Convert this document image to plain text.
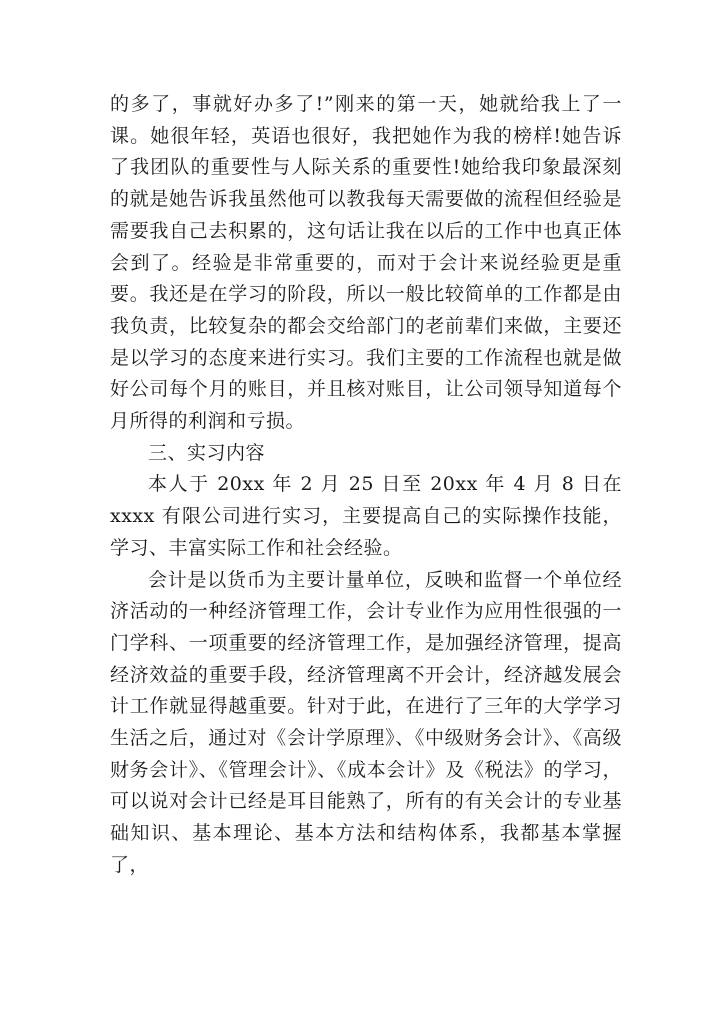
的多了，事就好办多了!”刚来的第一天，她就给我上了一课。她很年轻，英语也很好，我把她作为我的榜样!她告诉了我团队的重要性与人际关系的重要性!她给我印象最深刻的就是她告诉我虽然他可以教我每天需要做的流程但经验是需要我自己去积累的，这句话让我在以后的工作中也真正体会到了。经验是非常重要的，而对于会计来说经验更是重要。我还是在学习的阶段，所以一般比较简单的工作都是由我负责，比较复杂的都会交给部门的老前辈们来做，主要还是以学习的态度来进行实习。我们主要的工作流程也就是做好公司每个月的账目，并且核对账目，让公司领导知道每个月所得的利润和亏损。

三、实习内容

本人于 20xx 年 2 月 25 日至 20xx 年 4 月 8 日在 xxxx 有限公司进行实习，主要提高自己的实际操作技能，学习、丰富实际工作和社会经验。

会计是以货币为主要计量单位，反映和监督一个单位经济活动的一种经济管理工作，会计专业作为应用性很强的一门学科、一项重要的经济管理工作，是加强经济管理，提高经济效益的重要手段，经济管理离不开会计，经济越发展会计工作就显得越重要。针对于此，在进行了三年的大学学习生活之后，通过对《会计学原理》、《中级财务会计》、《高级财务会计》、《管理会计》、《成本会计》及《税法》的学习，可以说对会计已经是耳目能熟了，所有的有关会计的专业基础知识、基本理论、基本方法和结构体系，我都基本掌握了，
